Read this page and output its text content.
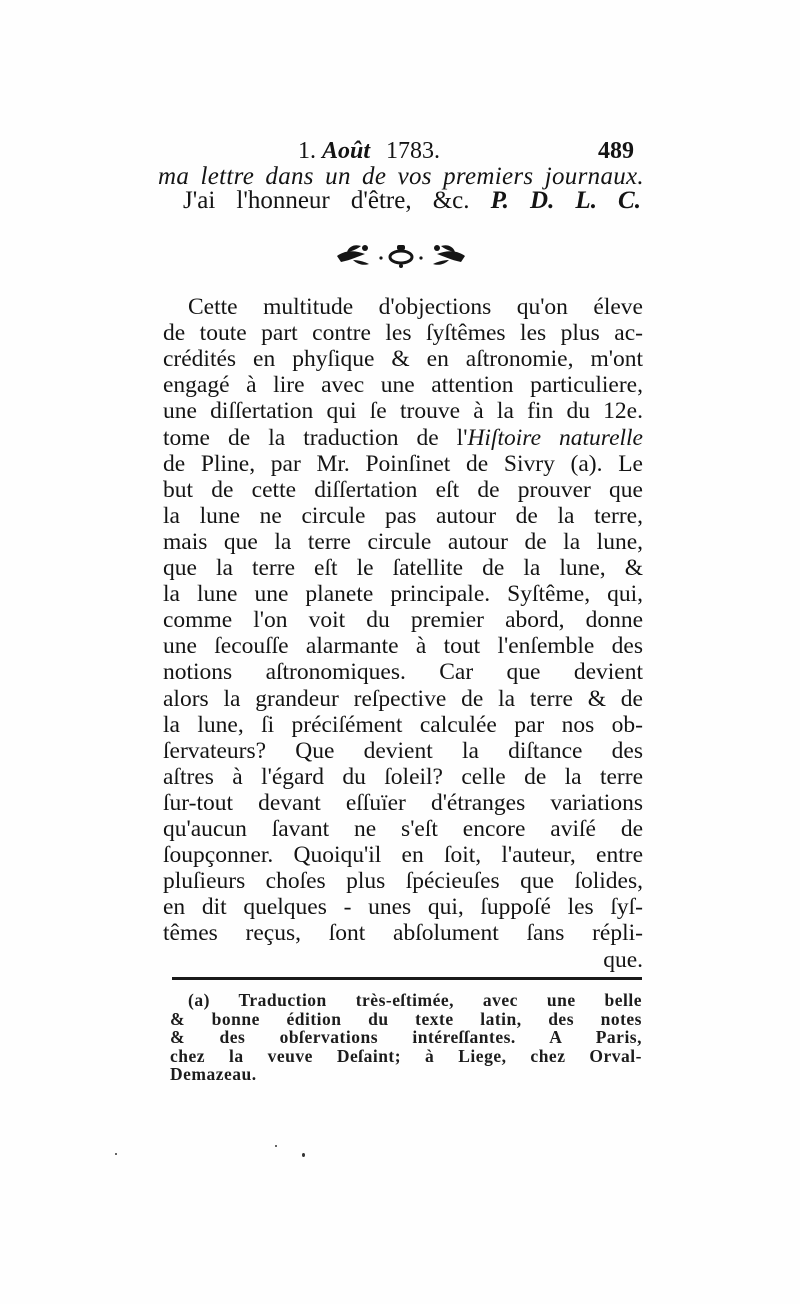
1. Août 1783.	489
ma lettre dans un de vos premiers journaux.
J'ai l'honneur d'être, &c. P. D. L. C.
Cette multitude d'objections qu'on éleve
de toute part contre les ſyſtêmes les plus ac-
crédités en phyſique & en aſtronomie, m'ont
engagé à lire avec une attention particuliere,
une diſſertation qui ſe trouve à la fin du 12e.
tome de la traduction de l'Hiſtoire naturelle
de Pline, par Mr. Poinſinet de Sivry (a). Le
but de cette diſſertation eſt de prouver que
la lune ne circule pas autour de la terre,
mais que la terre circule autour de la lune,
que la terre eſt le ſatellite de la lune, &
la lune une planete principale. Syſtême, qui,
comme l'on voit du premier abord, donne
une ſecouſſe alarmante à tout l'enſemble des
notions aſtronomiques. Car que devient
alors la grandeur reſpective de la terre & de
la lune, ſi préciſément calculée par nos ob-
ſervateurs? Que devient la diſtance des
aſtres à l'égard du ſoleil? celle de la terre
ſur-tout devant eſſuïer d'étranges variations
qu'aucun ſavant ne s'eſt encore aviſé de
ſoupçonner. Quoiqu'il en ſoit, l'auteur, entre
pluſieurs choſes plus ſpécieuſes que ſolides,
en dit quelques - unes qui, ſuppoſé les ſyſ-
têmes reçus, ſont abſolument ſans répli-
que.
(a) Traduction très-eſtimée, avec une belle
& bonne édition du texte latin, des notes
& des obſervations intéreſſantes. A Paris,
chez la veuve Deſaint; à Liege, chez Orval-
Demazeau.
